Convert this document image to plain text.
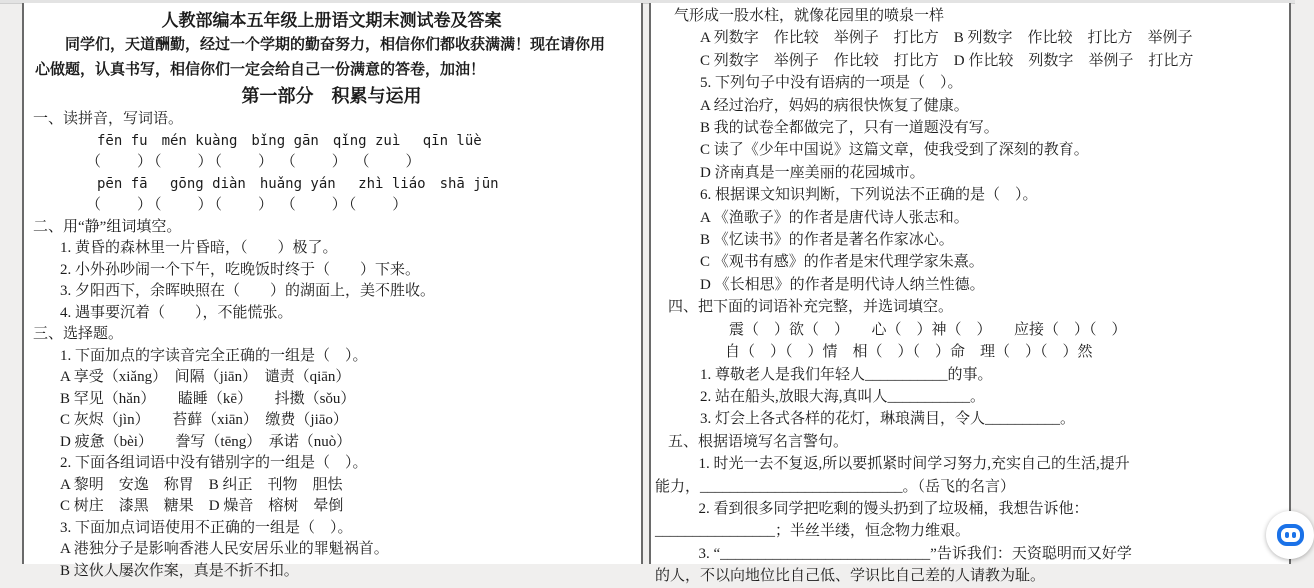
人教部编本五年级上册语文期末测试卷及答案
同学们，天道酬勤，经过一个学期的勤奋努力，相信你们都收获满满！现在请你用
心做题，认真书写，相信你们一定会给自己一份满意的答卷，加油！
第一部分　积累与运用
一、读拼音，写词语。
fēn fu　mén kuàng　bǐng gān　qǐng zuì　 qīn lüè
（　　）（　　）（　　） （　　） （　　）
pēn fā　 gōng diàn　huǎng yán　 zhì liáo　shā jūn
（　　）（　　）（　　） （　　）（　　）
二、用“静”组词填空。
1. 黄昏的森林里一片昏暗，（　　）极了。
2. 小外孙吵闹一个下午，吃晚饭时终于（　　）下来。
3. 夕阳西下，余晖映照在（　　）的湖面上，美不胜收。
4. 遇事要沉着（　　），不能慌张。
三、选择题。
1. 下面加点的字读音完全正确的一组是（　）。
A 享受（xiǎng）　间隔（jiān）　谴责（qiān）
B 罕见（hǎn）　　瞌睡（kē）　　抖擞（sǒu）
C 灰烬（jìn）　　苔藓（xiān）　缴费（jiāo）
D 疲惫（bèi）　　誊写（tēng）　承诺（nuò）
2. 下面各组词语中没有错别字的一组是（　）。
A 黎明　安逸　称胃　B 纠正　刊物　胆怯
C 树庄　漆黑　糖果　D 燥音　榕树　晕倒
3. 下面加点词语使用不正确的一组是（　）。
A 港独分子是影响香港人民安居乐业的罪魁祸首。
B 这伙人屡次作案，真是不折不扣。
气形成一股水柱，就像花园里的喷泉一样
A 列数字　作比较　举例子　打比方　B 列数字　作比较　打比方　举例子
C 列数字　举例子　作比较　打比方　D 作比较　列数字　举例子　打比方
5. 下列句子中没有语病的一项是（　）。
A 经过治疗，妈妈的病很快恢复了健康。
B 我的试卷全都做完了，只有一道题没有写。
C 读了《少年中国说》这篇文章，使我受到了深刻的教育。
D 济南真是一座美丽的花园城市。
6. 根据课文知识判断，下列说法不正确的是（　）。
A 《渔歌子》的作者是唐代诗人张志和。
B 《忆读书》的作者是著名作家冰心。
C 《观书有感》的作者是宋代理学家朱熹。
D 《长相思》的作者是明代诗人纳兰性德。
四、把下面的词语补充完整，并选词填空。
震（　）欲（　）　　心（　）神（　）　　应接（　）（　）
自（　）（　）情　相（　）（　）命　理（　）（　）然
1. 尊敬老人是我们年轻人___________的事。
2. 站在船头,放眼大海,真叫人___________。
3. 灯会上各式各样的花灯，琳琅满目，令人__________。
五、根据语境写名言警句。
1. 时光一去不复返,所以要抓紧时间学习努力,充实自己的生活,提升
能力，___________________________。（岳飞的名言）
2. 看到很多同学把吃剩的馒头扔到了垃圾桶，我想告诉他：
________________；半丝半缕，恒念物力维艰。
3. “____________________________”告诉我们：天资聪明而又好学
的人，不以向地位比自己低、学识比自己差的人请教为耻。
